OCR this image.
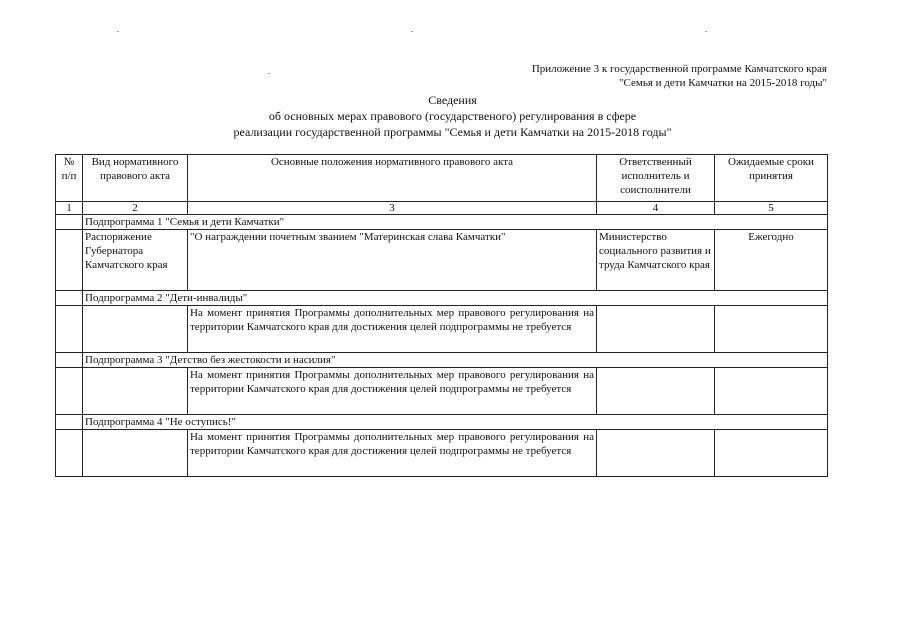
Приложение 3 к государственной программе Камчатского края
"Семья и дети Камчатки на 2015-2018 годы"
Сведения
об основных мерах правового (государственого) регулирования в сфере
реализации государственной программы "Семья и дети Камчатки на 2015-2018 годы"
№ п/п	Вид нормативного правового акта	Основные положения нормативного правового акта	Ответственный исполнитель и соисполнители	Ожидаемые сроки принятия
1	2	3	4	5
	Подпрограмма 1 "Семья и дети Камчатки"			
	Распоряжение Губернатора Камчатского края	"О награждении почетным званием "Материнская слава Камчатки"	Министерство социального развития и труда Камчатского края	Ежегодно
	Подпрограмма 2 "Дети-инвалиды"			
		На момент принятия Программы дополнительных мер правового регулирования на территории Камчатского края для достижения целей подпрограммы не требуется		
	Подпрограмма 3 "Детство без жестокости и насилия"			
		На момент принятия Программы дополнительных мер правового регулирования на территории Камчатского края для достижения целей подпрограммы не требуется		
	Подпрограмма 4 "Не оступись!"			
		На момент принятия Программы дополнительных мер правового регулирования на территории Камчатского края для достижения целей подпрограммы не требуется		
